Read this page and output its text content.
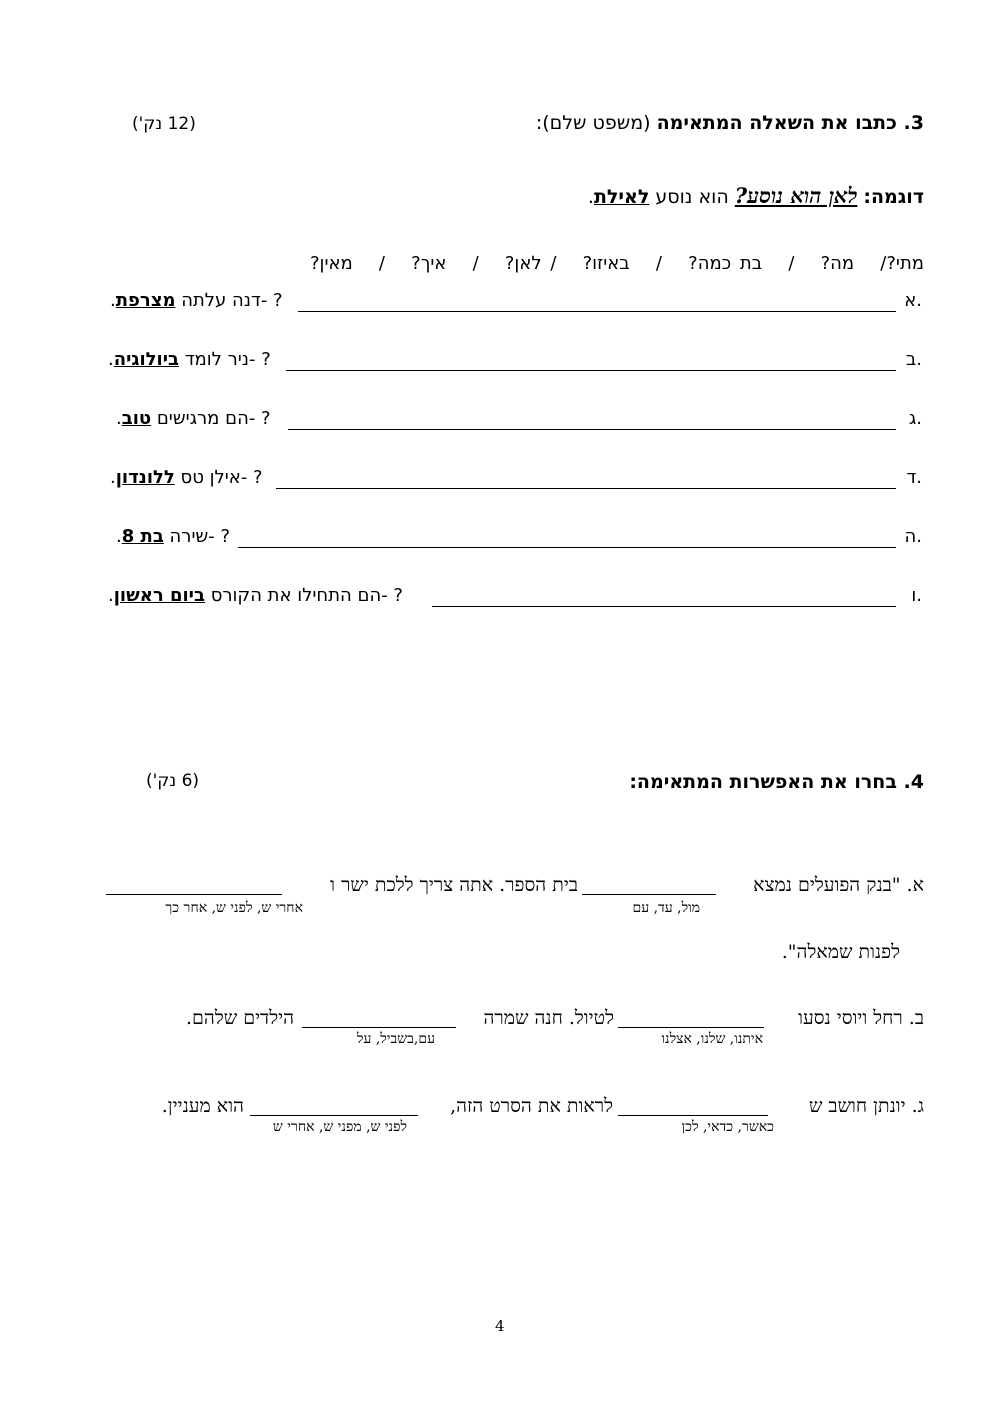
3. כתבו את השאלה המתאימה (משפט שלם):
(12 נק')
דוגמה: לאן הוא נוסע? הוא נוסע לאילת.
מתי?/   מה?   /   בת כמה?   /   באיזו?   / לאן?   /   איך?   /   מאין?
א.
? -דנה עלתה מצרפת.
ב.
? -ניר לומד ביולוגיה.
ג.
? -הם מרגישים טוב.
ד.
? -אילן טס ללונדון.
ה.
? -שירה בת 8.
ו.
? -הם התחילו את הקורס ביום ראשון.
4. בחרו את האפשרות המתאימה:
(6 נק')
א. "בנק הפועלים נמצא
בית הספר. אתה צריך ללכת ישר ו
מול, עד, עם
אחרי ש, לפני ש, אחר כך
לפנות שמאלה".
ב. רחל ויוסי נסעו
לטיול. חנה שמרה
הילדים שלהם.
איתנו, שלנו, אצלנו
עם,בשביל, על
ג. יונתן חושב ש
לראות את הסרט הזה,
הוא מעניין.
כאשר, כדאי, לכן
לפני ש, מפני ש, אחרי ש
4
